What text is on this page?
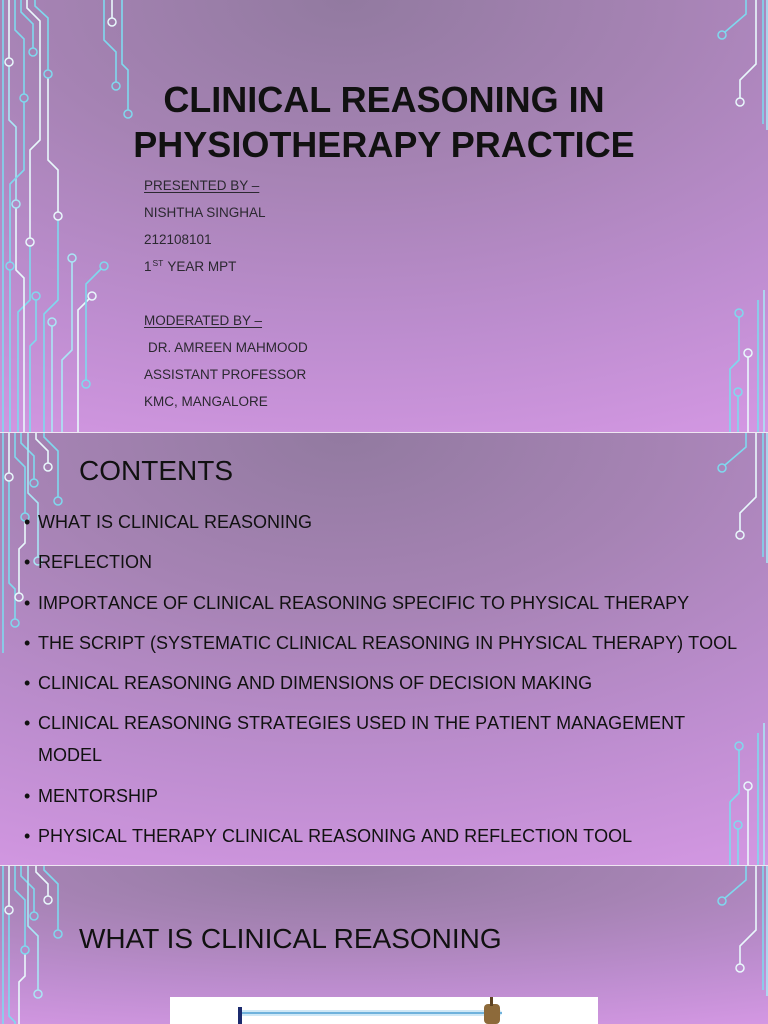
CLINICAL REASONING IN
PHYSIOTHERAPY PRACTICE
PRESENTED BY –
NISHTHA SINGHAL
212108101
1ST YEAR MPT
MODERATED BY –
DR. AMREEN MAHMOOD
ASSISTANT PROFESSOR
KMC, MANGALORE
CONTENTS
• WHAT IS CLINICAL REASONING
• REFLECTION
• IMPORTANCE OF CLINICAL REASONING SPECIFIC TO PHYSICAL THERAPY
• THE SCRIPT (SYSTEMATIC CLINICAL REASONING IN PHYSICAL THERAPY) TOOL
• CLINICAL REASONING AND DIMENSIONS OF DECISION MAKING
• CLINICAL REASONING STRATEGIES USED IN THE PATIENT MANAGEMENT MODEL
• MENTORSHIP
• PHYSICAL THERAPY CLINICAL REASONING AND REFLECTION TOOL
WHAT IS CLINICAL REASONING
